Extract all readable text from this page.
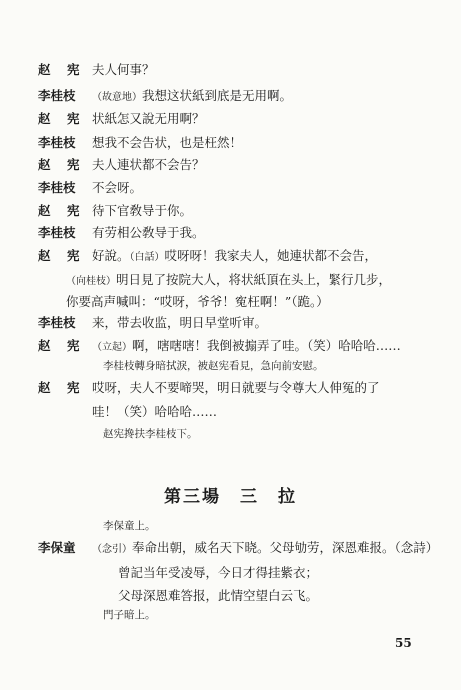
赵　宪 夫人何事？
李桂枝 （故意地）我想这状紙到底是无用啊。
赵　宪 状紙怎又說无用啊？
李桂枝 想我不会告状，也是枉然！
赵　宪 夫人連状都不会告？
李桂枝 不会呀。
赵　宪 待下官敎导于你。
李桂枝 有劳相公敎导于我。
赵　宪 好說。（白話）哎呀呀！我家夫人，她連状都不会告，
（向桂枝）明日見了按院大人，将状紙頂在头上，緊行几步，
你要高声喊叫：“哎呀，爷爷！寃枉啊！”（跪。）
李桂枝 来，带去收监，明日早堂听审。
赵　宪 （立起）啊，嗐嗐嗐！我倒被搧弄了哇。（笑）哈哈哈……
李桂枝轉身暗拭淚，被赵宪看見，急向前安慰。
赵　宪 哎呀，夫人不要啼哭，明日就要与令尊大人伸冤的了
哇！（笑）哈哈哈……
赵宪搀扶李桂枝下。
第三場　三　拉
李保童上。
李保童 （念引）奉命出朝，威名天下晓。父母劬劳，深恩难报。（念詩）
曾記当年受凌辱，今日才得挂紫衣；
父母深恩难答报，此情空望白云飞。
門子暗上。
55
